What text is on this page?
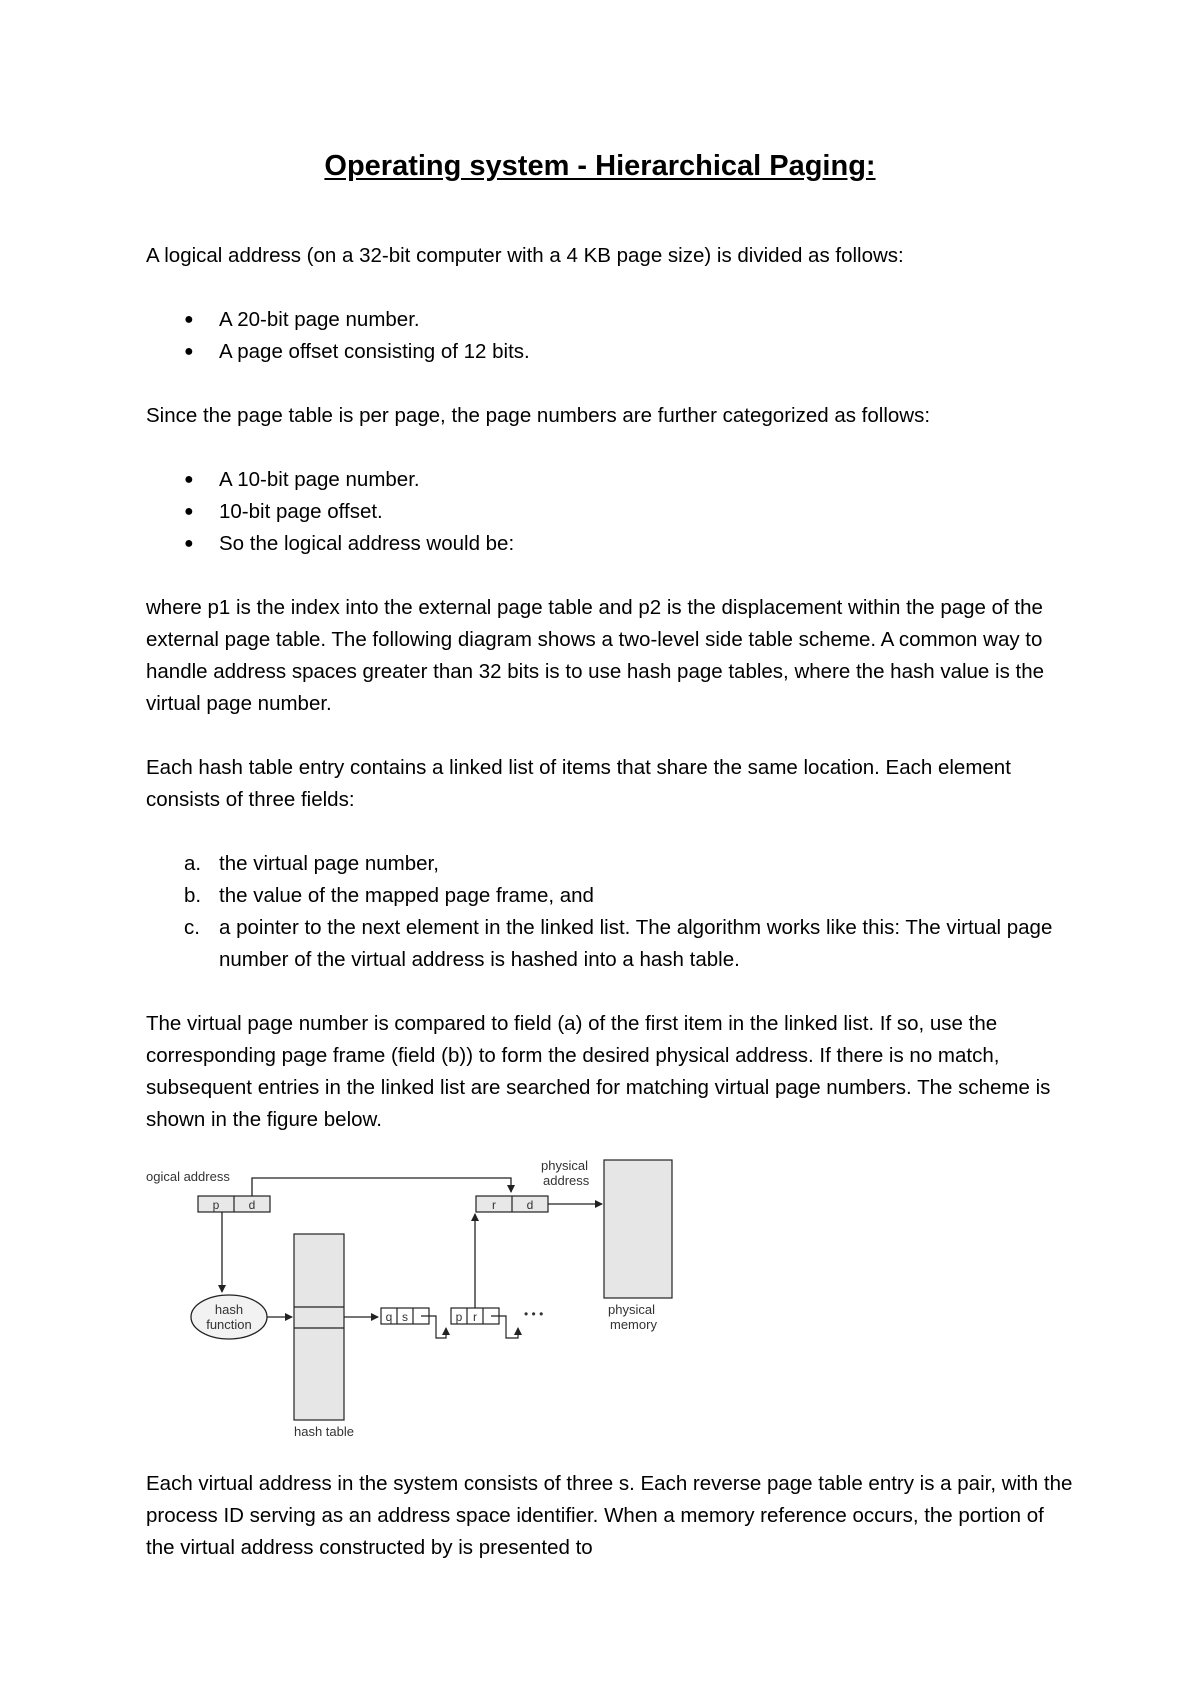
Operating system - Hierarchical Paging:

A logical address (on a 32-bit computer with a 4 KB page size) is divided as follows:

● A 20-bit page number.
● A page offset consisting of 12 bits.

Since the page table is per page, the page numbers are further categorized as follows:

● A 10-bit page number.
● 10-bit page offset.
● So the logical address would be:

where p1 is the index into the external page table and p2 is the displacement within the page of the external page table. The following diagram shows a two-level side table scheme. A common way to handle address spaces greater than 32 bits is to use hash page tables, where the hash value is the virtual page number.

Each hash table entry contains a linked list of items that share the same location. Each element consists of three fields:

a. the virtual page number,
b. the value of the mapped page frame, and
c. a pointer to the next element in the linked list. The algorithm works like this: The virtual page number of the virtual address is hashed into a hash table.

The virtual page number is compared to field (a) of the first item in the linked list. If so, use the corresponding page frame (field (b)) to form the desired physical address. If there is no match, subsequent entries in the linked list are searched for matching virtual page numbers. The scheme is shown in the figure below.

ogical address
p d
physical
address
r	d
physical
memory
hash
function
hash table
q s	p r	• • •

Each virtual address in the system consists of three s. Each reverse page table entry is a pair, with the process ID serving as an address space identifier. When a memory reference occurs, the portion of the virtual address constructed by is presented to
